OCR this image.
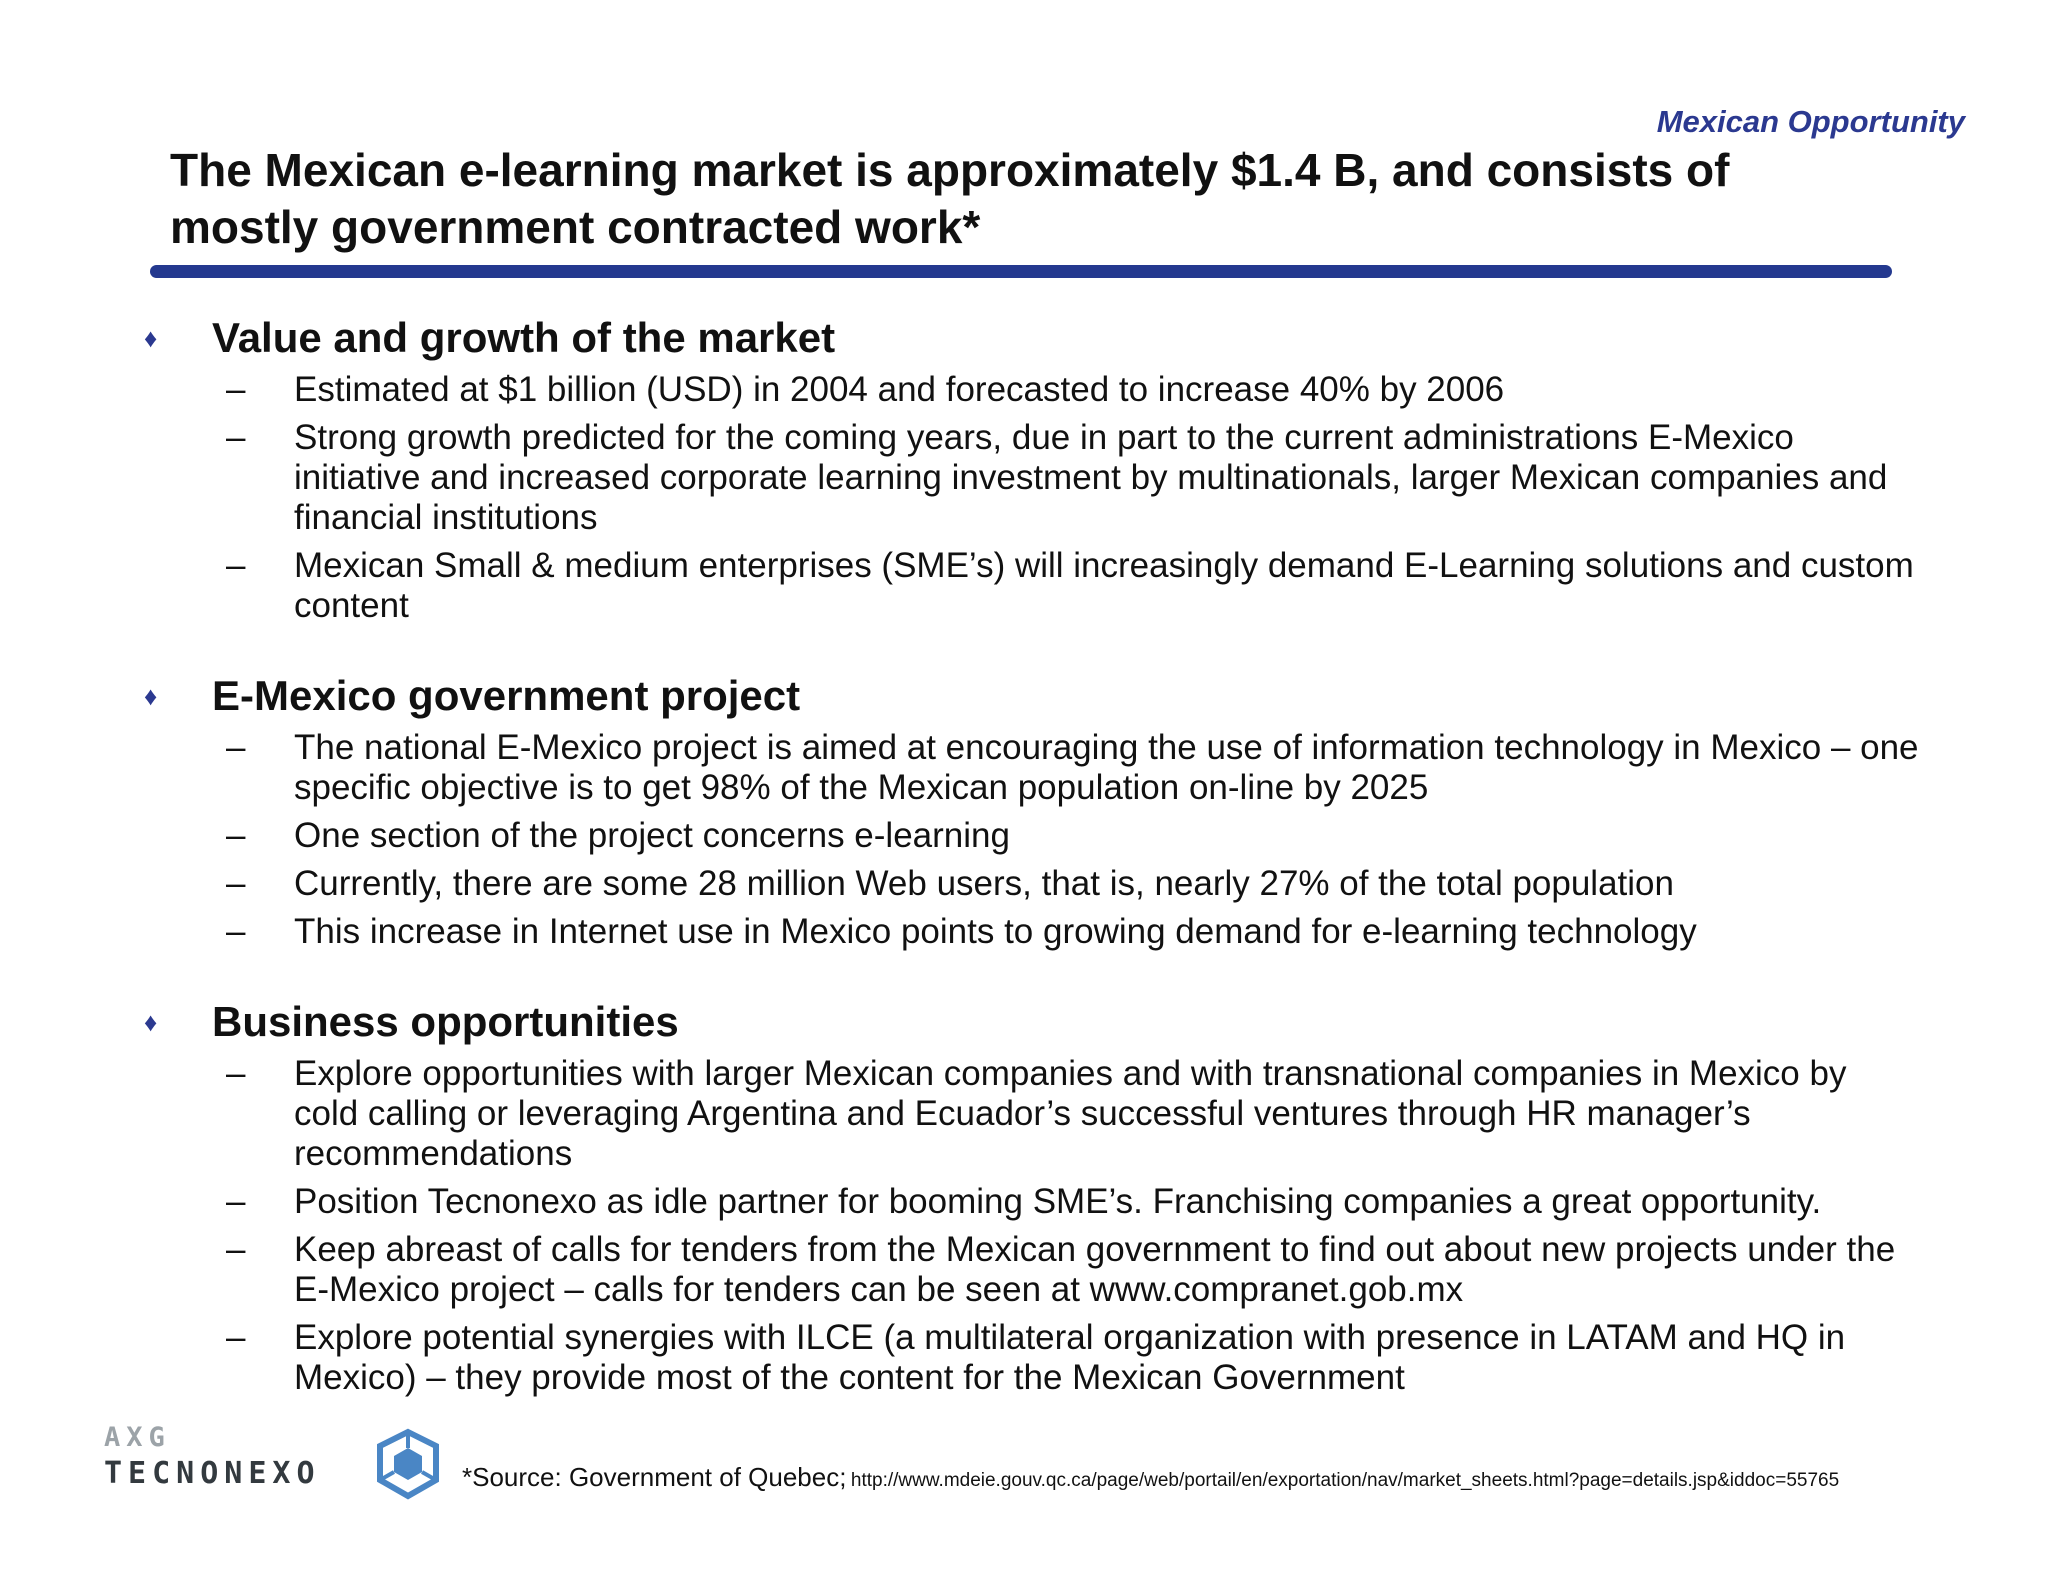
Mexican Opportunity
The Mexican e-learning market is approximately $1.4 B, and consists of mostly government contracted work*
♦	Value and growth of the market
–	Estimated at $1 billion (USD) in 2004 and forecasted to increase 40% by 2006
–	Strong growth predicted for the coming years, due in part to the current administrations E-Mexico initiative and increased corporate learning investment by multinationals, larger Mexican companies and financial institutions
–	Mexican Small & medium enterprises (SME’s) will increasingly demand E-Learning solutions and custom content
♦	E-Mexico government project
–	The national E-Mexico project is aimed at encouraging the use of information technology in Mexico – one specific objective is to get 98% of the Mexican population on-line by 2025
–	One section of the project concerns e-learning
–	Currently, there are some 28 million Web users, that is, nearly 27% of the total population
–	This increase in Internet use in Mexico points to growing demand for e-learning technology
♦	Business opportunities
–	Explore opportunities with larger Mexican companies and with transnational companies in Mexico by cold calling or leveraging Argentina and Ecuador’s successful ventures through HR manager’s recommendations
–	Position Tecnonexo as idle partner for booming SME’s. Franchising companies a great opportunity.
–	Keep abreast of calls for tenders from the Mexican government to find out about new projects under the E-Mexico project – calls for tenders can be seen at www.compranet.gob.mx
–	Explore potential synergies with ILCE (a multilateral organization with presence in LATAM and HQ in Mexico) – they provide most of the content for the Mexican Government
AXG
TECNONEXO	*Source: Government of Quebec; http://www.mdeie.gouv.qc.ca/page/web/portail/en/exportation/nav/market_sheets.html?page=details.jsp&iddoc=55765
